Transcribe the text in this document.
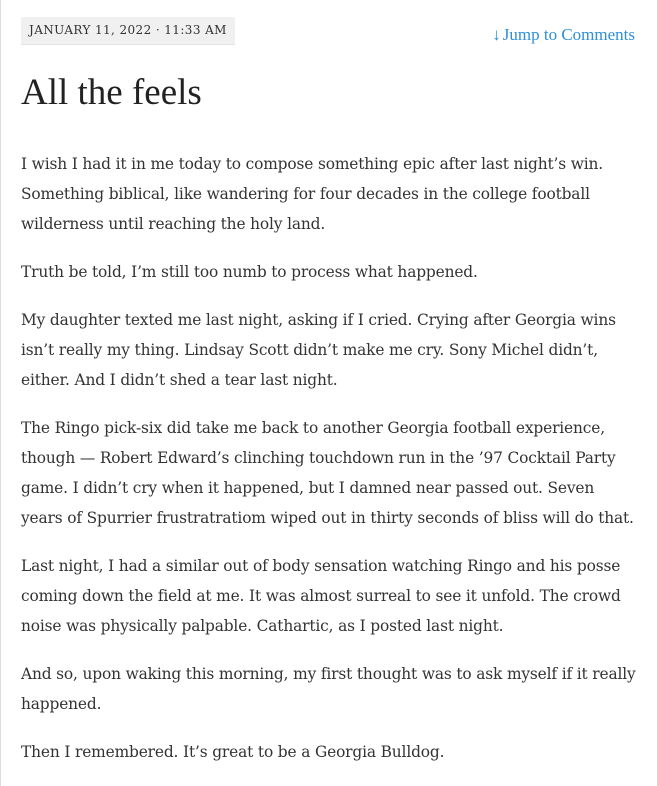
JANUARY 11, 2022 · 11:33 AM	↓ Jump to Comments
All the feels

I wish I had it in me today to compose something epic after last night’s win. Something biblical, like wandering for four decades in the college football wilderness until reaching the holy land.

Truth be told, I’m still too numb to process what happened.

My daughter texted me last night, asking if I cried. Crying after Georgia wins isn’t really my thing. Lindsay Scott didn’t make me cry. Sony Michel didn’t, either. And I didn’t shed a tear last night.

The Ringo pick-six did take me back to another Georgia football experience, though — Robert Edward’s clinching touchdown run in the ’97 Cocktail Party game. I didn’t cry when it happened, but I damned near passed out. Seven years of Spurrier frustratratiom wiped out in thirty seconds of bliss will do that.

Last night, I had a similar out of body sensation watching Ringo and his posse coming down the field at me. It was almost surreal to see it unfold. The crowd noise was physically palpable. Cathartic, as I posted last night.

And so, upon waking this morning, my first thought was to ask myself if it really happened.

Then I remembered. It’s great to be a Georgia Bulldog.
